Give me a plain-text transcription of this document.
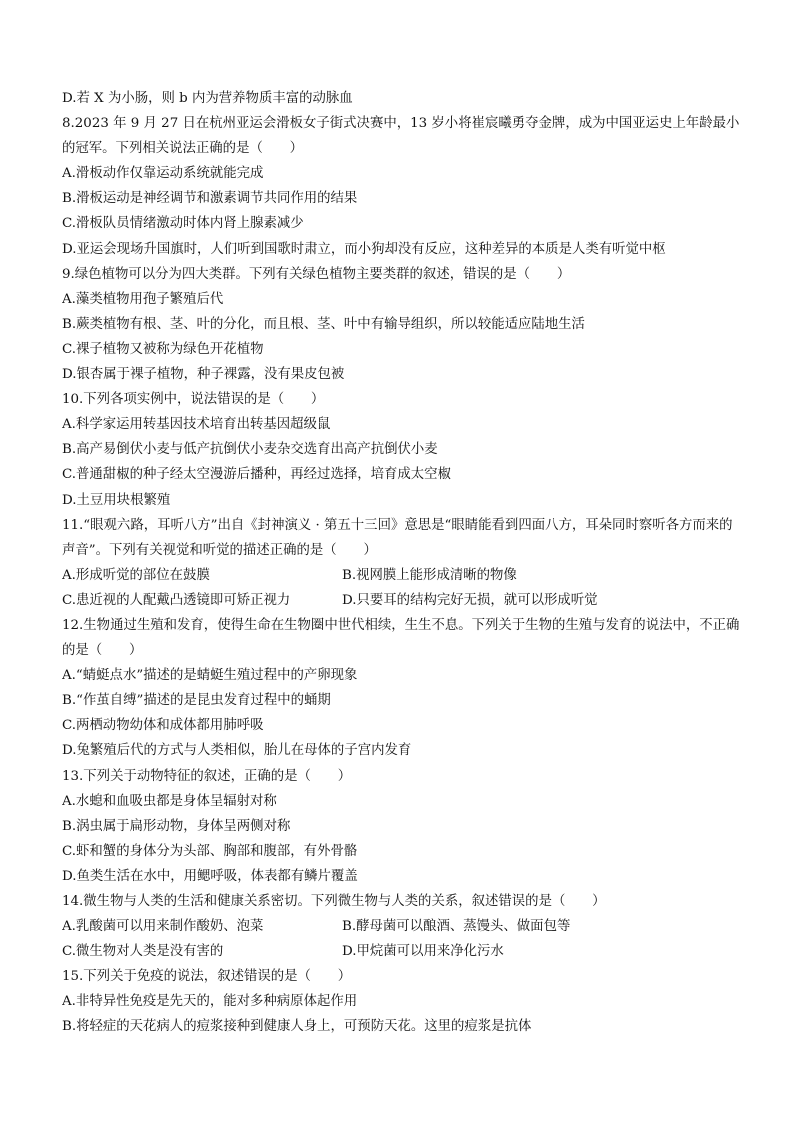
D.若 X 为小肠，则 b 内为营养物质丰富的动脉血
8.2023 年 9 月 27 日在杭州亚运会滑板女子街式决赛中，13 岁小将崔宸曦勇夺金牌，成为中国亚运史上年龄最小的冠军。下列相关说法正确的是（　　）
A.滑板动作仅靠运动系统就能完成
B.滑板运动是神经调节和激素调节共同作用的结果
C.滑板队员情绪激动时体内肾上腺素减少
D.亚运会现场升国旗时，人们听到国歌时肃立，而小狗却没有反应，这种差异的本质是人类有听觉中枢
9.绿色植物可以分为四大类群。下列有关绿色植物主要类群的叙述，错误的是（　　）
A.藻类植物用孢子繁殖后代
B.蕨类植物有根、茎、叶的分化，而且根、茎、叶中有输导组织，所以较能适应陆地生活
C.裸子植物又被称为绿色开花植物
D.银杏属于裸子植物，种子裸露，没有果皮包被
10.下列各项实例中，说法错误的是（　　）
A.科学家运用转基因技术培育出转基因超级鼠
B.高产易倒伏小麦与低产抗倒伏小麦杂交选育出高产抗倒伏小麦
C.普通甜椒的种子经太空漫游后播种，再经过选择，培育成太空椒
D.土豆用块根繁殖
11.“眼观六路，耳听八方”出自《封神演义 · 第五十三回》意思是“眼睛能看到四面八方，耳朵同时察听各方而来的声音”。下列有关视觉和听觉的描述正确的是（　　）
A.形成听觉的部位在鼓膜	B.视网膜上能形成清晰的物像
C.患近视的人配戴凸透镜即可矫正视力	D.只要耳的结构完好无损，就可以形成听觉
12.生物通过生殖和发育，使得生命在生物圈中世代相续，生生不息。下列关于生物的生殖与发育的说法中，不正确的是（　　）
A.“蜻蜓点水”描述的是蜻蜓生殖过程中的产卵现象
B.“作茧自缚”描述的是昆虫发育过程中的蛹期
C.两栖动物幼体和成体都用肺呼吸
D.兔繁殖后代的方式与人类相似，胎儿在母体的子宫内发育
13.下列关于动物特征的叙述，正确的是（　　）
A.水螅和血吸虫都是身体呈辐射对称
B.涡虫属于扁形动物，身体呈两侧对称
C.虾和蟹的身体分为头部、胸部和腹部，有外骨骼
D.鱼类生活在水中，用鳃呼吸，体表都有鳞片覆盖
14.微生物与人类的生活和健康关系密切。下列微生物与人类的关系，叙述错误的是（　　）
A.乳酸菌可以用来制作酸奶、泡菜	B.酵母菌可以酿酒、蒸馒头、做面包等
C.微生物对人类是没有害的	D.甲烷菌可以用来净化污水
15.下列关于免疫的说法，叙述错误的是（　　）
A.非特异性免疫是先天的，能对多种病原体起作用
B.将轻症的天花病人的痘浆接种到健康人身上，可预防天花。这里的痘浆是抗体
